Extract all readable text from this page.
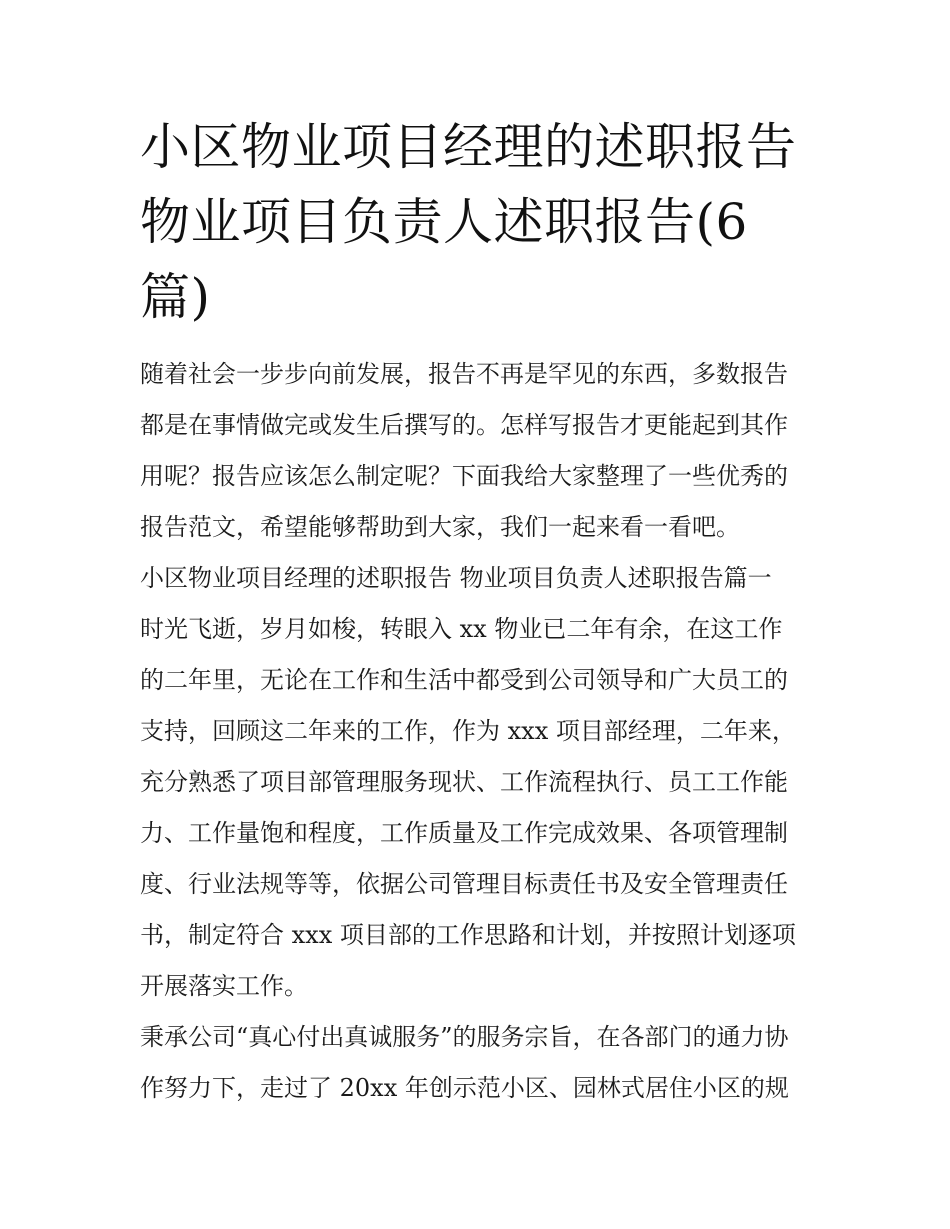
小区物业项目经理的述职报告
物业项目负责人述职报告(6
篇)
随着社会一步步向前发展，报告不再是罕见的东西，多数报告
都是在事情做完或发生后撰写的。怎样写报告才更能起到其作
用呢？报告应该怎么制定呢？下面我给大家整理了一些优秀的
报告范文，希望能够帮助到大家，我们一起来看一看吧。
小区物业项目经理的述职报告 物业项目负责人述职报告篇一
时光飞逝，岁月如梭，转眼入 xx 物业已二年有余，在这工作
的二年里，无论在工作和生活中都受到公司领导和广大员工的
支持，回顾这二年来的工作，作为 xxx 项目部经理，二年来，
充分熟悉了项目部管理服务现状、工作流程执行、员工工作能
力、工作量饱和程度，工作质量及工作完成效果、各项管理制
度、行业法规等等，依据公司管理目标责任书及安全管理责任
书，制定符合 xxx 项目部的工作思路和计划，并按照计划逐项
开展落实工作。
秉承公司“真心付出真诚服务”的服务宗旨，在各部门的通力协
作努力下，走过了 20xx 年创示范小区、园林式居住小区的规
